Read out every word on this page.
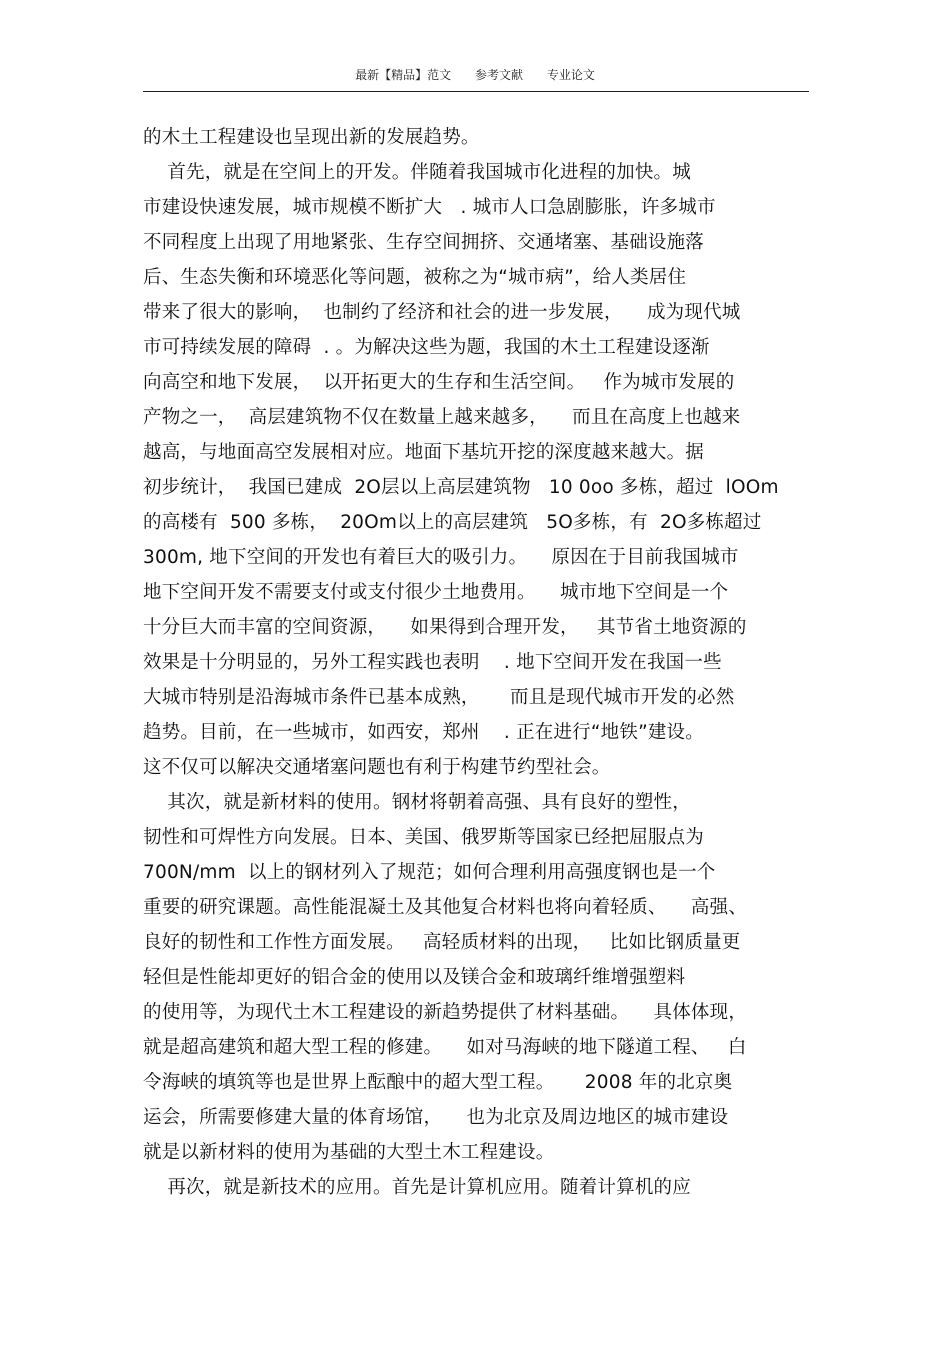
最新【精品】范文 参考文献 专业论文
的木土工程建设也呈现出新的发展趋势。
首先，就是在空间上的开发。伴随着我国城市化进程的加快。城
市建设快速发展，城市规模不断扩大   . 城市人口急剧膨胀，许多城市
不同程度上出现了用地紧张、生存空间拥挤、交通堵塞、基础设施落
后、生态失衡和环境恶化等问题，被称之为“城市病”，给人类居住
带来了很大的影响，  也制约了经济和社会的进一步发展，    成为现代城
市可持续发展的障碍  . 。为解决这些为题，我国的木土工程建设逐渐
向高空和地下发展，  以开拓更大的生存和生活空间。   作为城市发展的
产物之一，  高层建筑物不仅在数量上越来越多，    而且在高度上也越来
越高，与地面高空发展相对应。地面下基坑开挖的深度越来越大。据
初步统计，  我国已建成  2O层以上高层建筑物   10 0oo 多栋，超过  lOOm
的高楼有  500 多栋，  20Om以上的高层建筑   5O多栋，有  2O多栋超过
300m, 地下空间的开发也有着巨大的吸引力。    原因在于目前我国城市
地下空间开发不需要支付或支付很少土地费用。    城市地下空间是一个
十分巨大而丰富的空间资源，    如果得到合理开发，   其节省土地资源的
效果是十分明显的，另外工程实践也表明    . 地下空间开发在我国一些
大城市特别是沿海城市条件已基本成熟，     而且是现代城市开发的必然
趋势。目前，在一些城市，如西安，郑州    . 正在进行“地铁”建设。
这不仅可以解决交通堵塞问题也有利于构建节约型社会。
其次，就是新材料的使用。钢材将朝着高强、具有良好的塑性，
韧性和可焊性方向发展。日本、美国、俄罗斯等国家已经把屈服点为
700N/mm  以上的钢材列入了规范；如何合理利用高强度钢也是一个
重要的研究课题。高性能混凝土及其他复合材料也将向着轻质、    高强、
良好的韧性和工作性方面发展。   高轻质材料的出现，   比如比钢质量更
轻但是性能却更好的铝合金的使用以及镁合金和玻璃纤维增强塑料
的使用等，为现代土木工程建设的新趋势提供了材料基础。    具体体现，
就是超高建筑和超大型工程的修建。    如对马海峡的地下隧道工程、   白
令海峡的填筑等也是世界上酝酿中的超大型工程。     2008 年的北京奥
运会，所需要修建大量的体育场馆，    也为北京及周边地区的城市建设
就是以新材料的使用为基础的大型土木工程建设。
再次，就是新技术的应用。首先是计算机应用。随着计算机的应
